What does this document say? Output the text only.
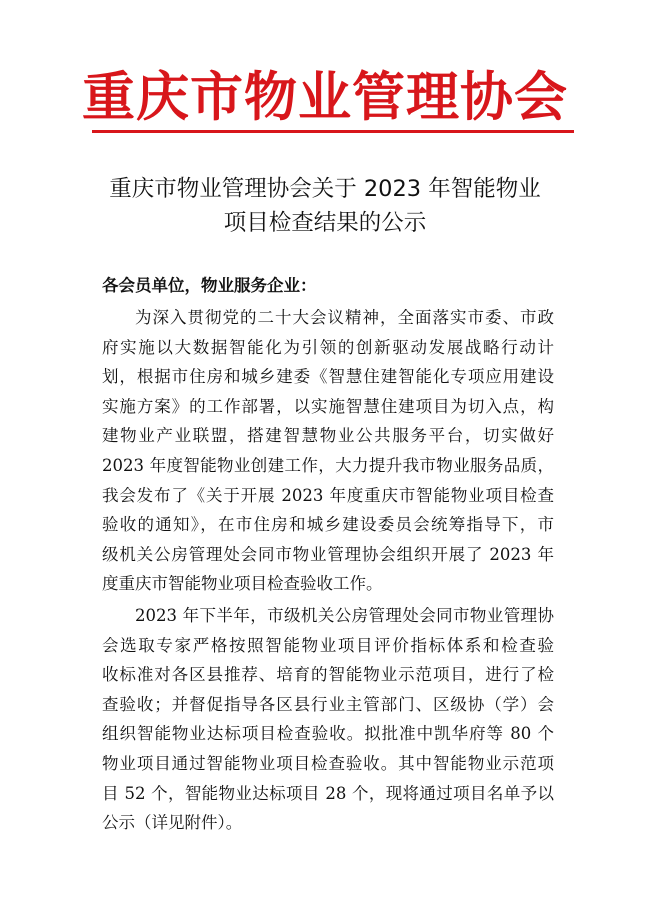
重庆市物业管理协会
重庆市物业管理协会关于 2023 年智能物业
项目检查结果的公示
各会员单位，物业服务企业：
为深入贯彻党的二十大会议精神，全面落实市委、市政
府实施以大数据智能化为引领的创新驱动发展战略行动计
划，根据市住房和城乡建委《智慧住建智能化专项应用建设
实施方案》的工作部署，以实施智慧住建项目为切入点，构
建物业产业联盟，搭建智慧物业公共服务平台，切实做好
2023 年度智能物业创建工作，大力提升我市物业服务品质，
我会发布了《关于开展 2023 年度重庆市智能物业项目检查
验收的通知》，在市住房和城乡建设委员会统筹指导下，市
级机关公房管理处会同市物业管理协会组织开展了 2023 年
度重庆市智能物业项目检查验收工作。
2023 年下半年，市级机关公房管理处会同市物业管理协
会选取专家严格按照智能物业项目评价指标体系和检查验
收标准对各区县推荐、培育的智能物业示范项目，进行了检
查验收；并督促指导各区县行业主管部门、区级协（学）会
组织智能物业达标项目检查验收。拟批准中凯华府等 80 个
物业项目通过智能物业项目检查验收。其中智能物业示范项
目 52 个，智能物业达标项目 28 个，现将通过项目名单予以
公示（详见附件）。
